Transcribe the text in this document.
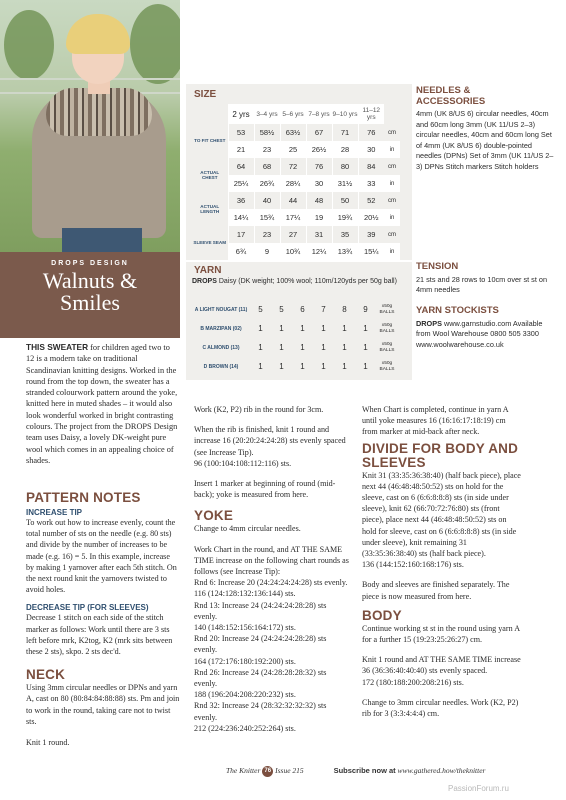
DROPS DESIGN
Walnuts &
Smiles
THIS SWEATER for children aged two to 12 is a modern take on traditional Scandinavian knitting designs. Worked in the round from the top down, the sweater has a stranded colourwork pattern around the yoke, knitted here in muted shades – it would also look wonderful worked in bright contrasting colours. The project from the DROPS Design team uses Daisy, a lovely DK-weight pure wool which comes in an appealing choice of shades.
PATTERN NOTES
INCREASE TIP
To work out how to increase evenly, count the total number of sts on the needle (e.g. 80 sts) and divide by the number of increases to be made (e.g. 16) = 5. In this example, increase by making 1 yarnover after each 5th stitch. On the next round knit the yarnovers twisted to avoid holes.
DECREASE TIP (FOR SLEEVES)
Decrease 1 stitch on each side of the stitch marker as follows: Work until there are 3 sts left before mrk, K2tog, K2 (mrk sits between these 2 sts), skpo. 2 sts dec'd.
NECK
Using 3mm circular needles or DPNs and yarn A, cast on 80 (80:84:84:88:88) sts. Pm and join to work in the round, taking care not to twist sts.
Knit 1 round.
Work (K2, P2) rib in the round for 3cm.
When the rib is finished, knit 1 round and increase 16 (20:20:24:24:28) sts evenly spaced (see Increase Tip).
96 (100:104:108:112:116) sts.
Insert 1 marker at beginning of round (mid-back); yoke is measured from here.
YOKE
Change to 4mm circular needles.
Work Chart in the round, and AT THE SAME TIME increase on the following chart rounds as follows (see Increase Tip):
Rnd 6: Increase 20 (24:24:24:24:28) sts evenly.
116 (124:128:132:136:144) sts.
Rnd 13: Increase 24 (24:24:24:28:28) sts evenly.
140 (148:152:156:164:172) sts.
Rnd 20: Increase 24 (24:24:24:28:28) sts evenly.
164 (172:176:180:192:200) sts.
Rnd 26: Increase 24 (24:28:28:28:32) sts evenly.
188 (196:204:208:220:232) sts.
Rnd 32: Increase 24 (28:32:32:32:32) sts evenly.
212 (224:236:240:252:264) sts.
When Chart is completed, continue in yarn A until yoke measures 16 (16:16:17:18:19) cm from marker at mid-back after neck.
DIVIDE FOR BODY AND SLEEVES
Knit 31 (33:35:36:38:40) (half back piece), place next 44 (46:48:48:50:52) sts on hold for the sleeve, cast on 6 (6:6:8:8:8) sts (in side under sleeve), knit 62 (66:70:72:76:80) sts (front piece), place next 44 (46:48:48:50:52) sts on hold for sleeve, cast on 6 (6:6:8:8:8) sts (in side under sleeve), knit remaining 31 (33:35:36:38:40) sts (half back piece).
136 (144:152:160:168:176) sts.
Body and sleeves are finished separately. The piece is now measured from here.
BODY
Continue working st st in the round using yarn A for a further 15 (19:23:25:26:27) cm.
Knit 1 round and AT THE SAME TIME increase 36 (36:36:40:40:40) sts evenly spaced.
172 (180:188:200:208:216) sts.
Change to 3mm circular needles. Work (K2, P2) rib for 3 (3:3:4:4:4) cm.
SIZE
	2 yrs	3–4 yrs	5–6 yrs	7–8 yrs	9–10 yrs	11–12 yrs	
TO FIT CHEST	53	58½	63½	67	71	76	cm
	21	23	25	26½	28	30	in
ACTUAL CHEST	64	68	72	76	80	84	cm
	25¼	26¾	28¼	30	31½	33	in
ACTUAL LENGTH	36	40	44	48	50	52	cm
	14¼	15¾	17¼	19	19¾	20½	in
SLEEVE SEAM	17	23	27	31	35	39	cm
	6¾	9	10¾	12¼	13¾	15¼	in
YARN
DROPS Daisy (DK weight; 100% wool; 110m/120yds per 50g ball)
A LIGHT NOUGAT (11)	5	5	6	7	8	9	x50g BALLS
B MARZIPAN (02)	1	1	1	1	1	1	x50g BALLS
C ALMOND (13)	1	1	1	1	1	1	x50g BALLS
D BROWN (14)	1	1	1	1	1	1	x50g BALLS
NEEDLES &
ACCESSORIES
4mm (UK 8/US 6) circular needles, 40cm and 60cm long 3mm (UK 11/US 2–3) circular needles, 40cm and 60cm long Set of 4mm (UK 8/US 6) double-pointed needles (DPNs) Set of 3mm (UK 11/US 2–3) DPNs Stitch markers Stitch holders
TENSION
21 sts and 28 rows to 10cm over st st on 4mm needles
YARN STOCKISTS
DROPS www.garnstudio.com Available from Wool Warehouse 0800 505 3300 www.woolwarehouse.co.uk
The Knitter 76 Issue 215	Subscribe now at www.gathered.how/theknitter
PassionForum.ru
